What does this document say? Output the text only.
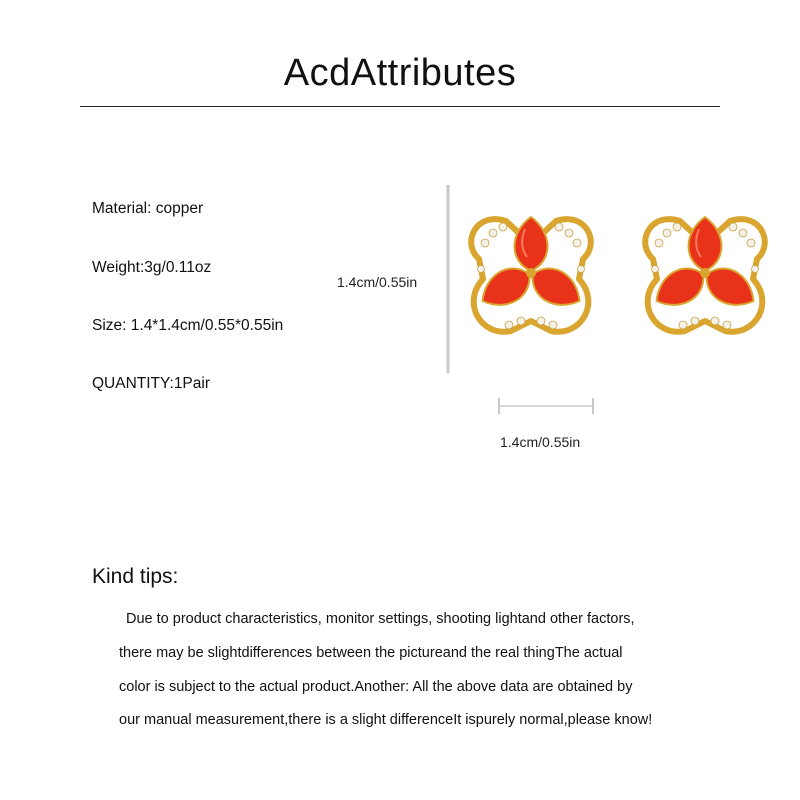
AcdAttributes
Material: copper
Weight:3g/0.11oz
Size: 1.4*1.4cm/0.55*0.55in
QUANTITY:1Pair
1.4cm/0.55in
1.4cm/0.55in
Kind tips:
Due to product characteristics, monitor settings, shooting lightand other factors,
there may be slightdifferences between the pictureand the real thingThe actual
color is subject to the actual product.Another: All the above data are obtained by
our manual measurement,there is a slight differenceIt ispurely normal,please know!
